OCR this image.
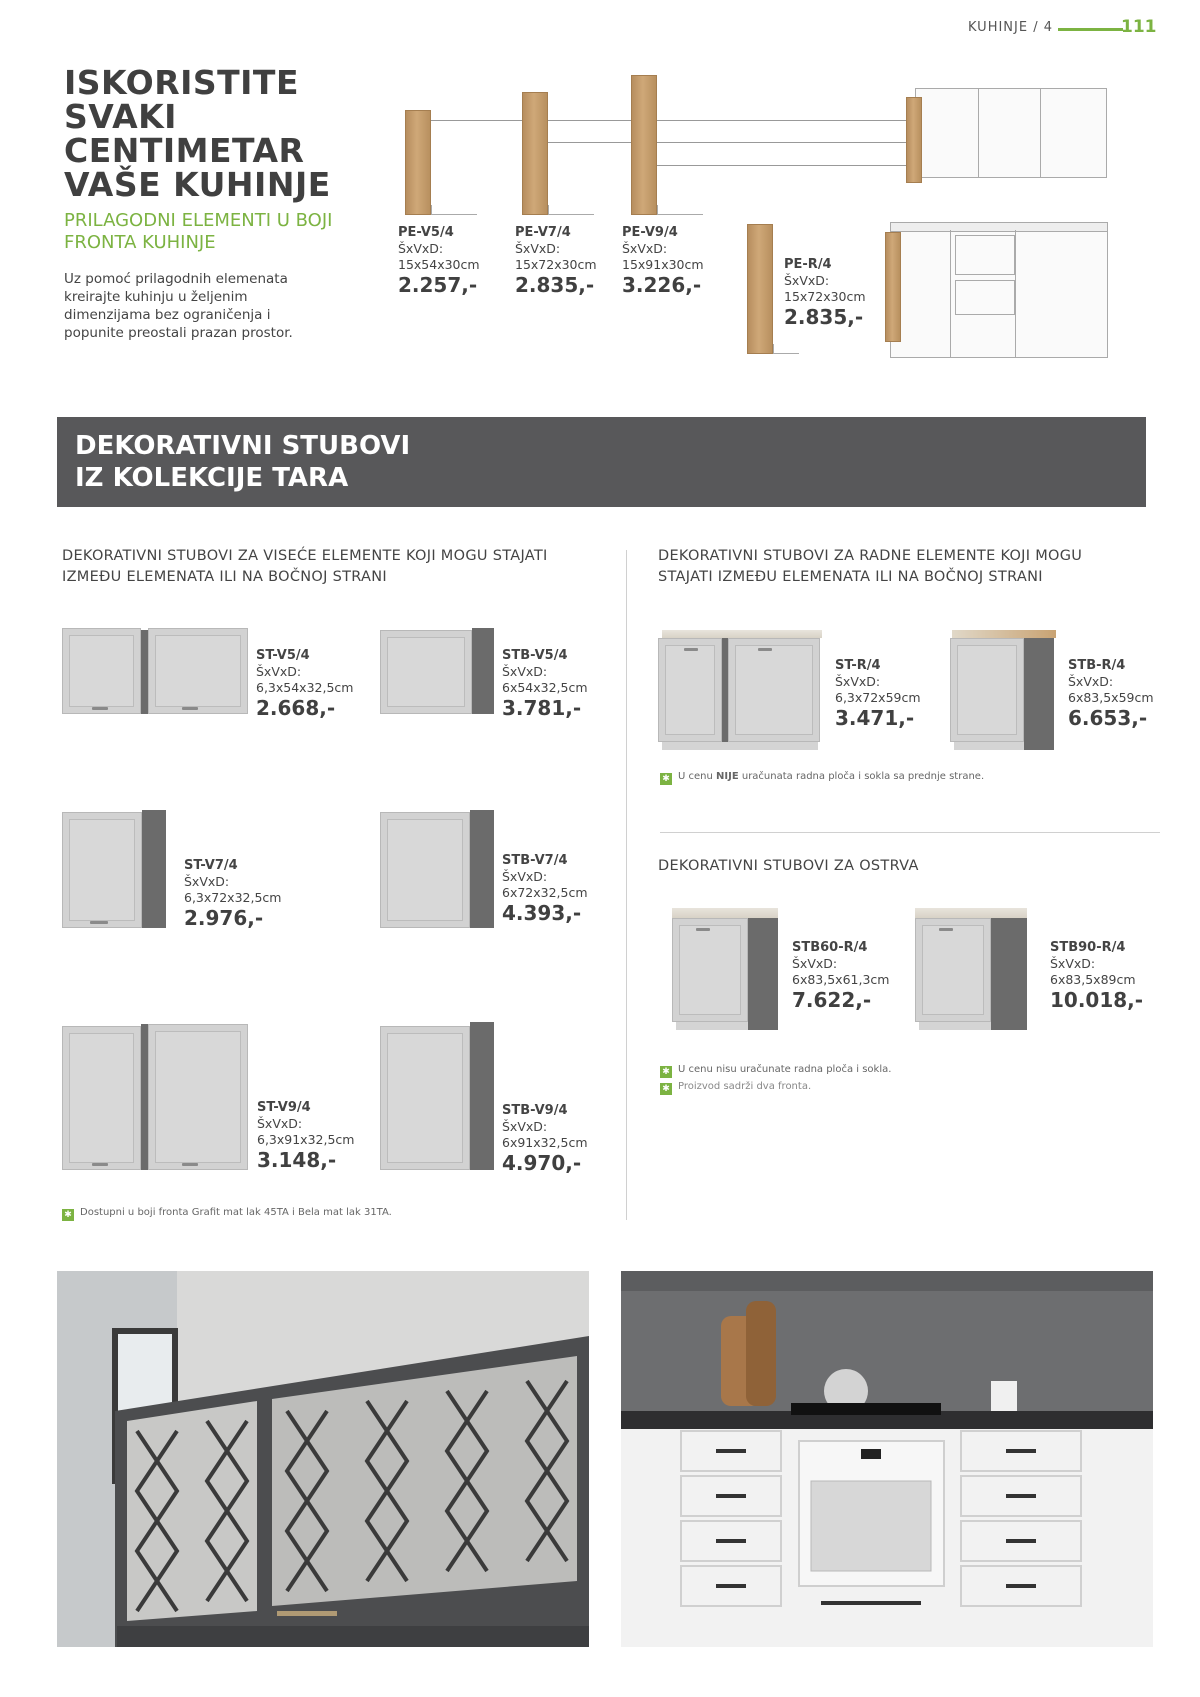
KUHINJE / 4	111
ISKORISTITE SVAKI CENTIMETAR VAŠE KUHINJE
PRILAGODNI ELEMENTI U BOJI FRONTA KUHINJE
Uz pomoć prilagodnih elemenata kreirajte kuhinju u željenim dimenzijama bez ograničenja i popunite preostali prazan prostor.
PE-V5/4
ŠxVxD:
15x54x30cm
2.257,-
PE-V7/4
ŠxVxD:
15x72x30cm
2.835,-
PE-V9/4
ŠxVxD:
15x91x30cm
3.226,-
PE-R/4
ŠxVxD:
15x72x30cm
2.835,-
DEKORATIVNI STUBOVI
IZ KOLEKCIJE TARA
DEKORATIVNI STUBOVI ZA VISEĆE ELEMENTE KOJI MOGU STAJATI IZMEĐU ELEMENATA ILI NA BOČNOJ STRANI
DEKORATIVNI STUBOVI ZA RADNE ELEMENTE KOJI MOGU STAJATI IZMEĐU ELEMENATA ILI NA BOČNOJ STRANI
ST-V5/4
ŠxVxD:
6,3x54x32,5cm
2.668,-
STB-V5/4
ŠxVxD:
6x54x32,5cm
3.781,-
ST-V7/4
ŠxVxD:
6,3x72x32,5cm
2.976,-
STB-V7/4
ŠxVxD:
6x72x32,5cm
4.393,-
ST-V9/4
ŠxVxD:
6,3x91x32,5cm
3.148,-
STB-V9/4
ŠxVxD:
6x91x32,5cm
4.970,-
✱ Dostupni u boji fronta Grafit mat lak 45TA i Bela mat lak 31TA.
ST-R/4
ŠxVxD:
6,3x72x59cm
3.471,-
STB-R/4
ŠxVxD:
6x83,5x59cm
6.653,-
✱ U cenu NIJE uračunata radna ploča i sokla sa prednje strane.
DEKORATIVNI STUBOVI ZA OSTRVA
STB60-R/4
ŠxVxD:
6x83,5x61,3cm
7.622,-
STB90-R/4
ŠxVxD:
6x83,5x89cm
10.018,-
✱ U cenu nisu uračunate radna ploča i sokla.
✱ Proizvod sadrži dva fronta.
